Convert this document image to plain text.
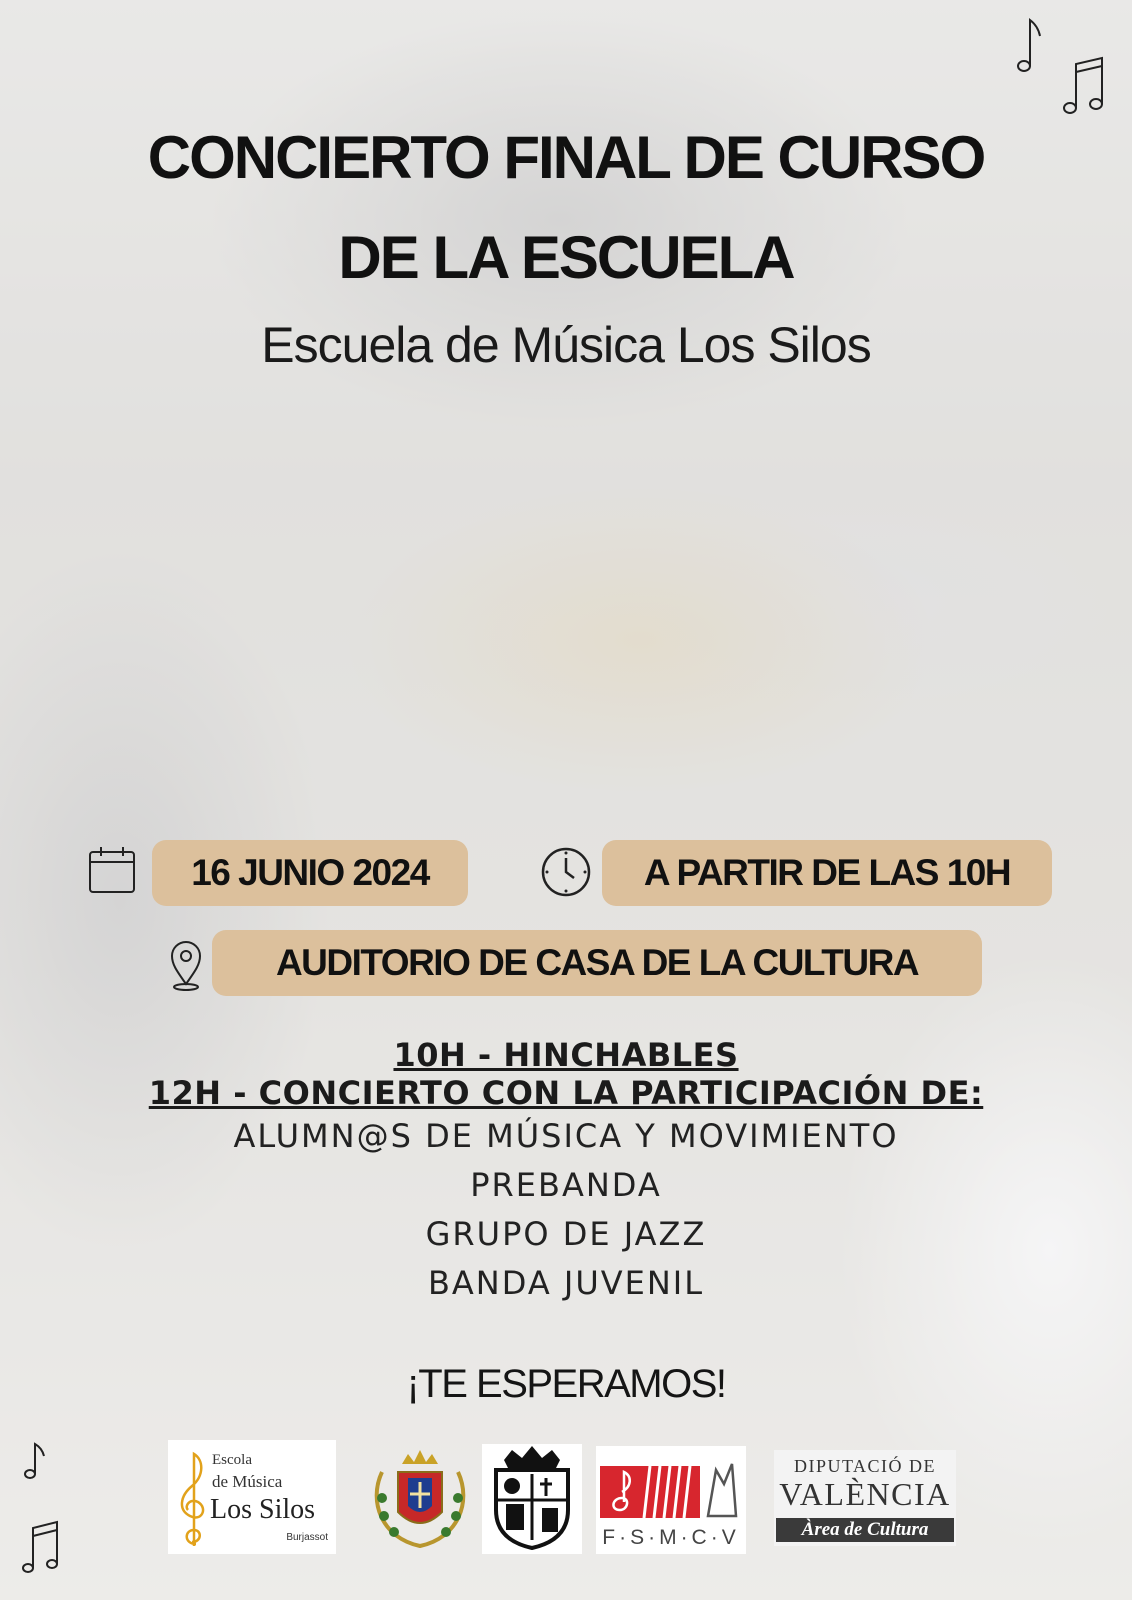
CONCIERTO FINAL DE CURSO
DE LA ESCUELA
Escuela de Música Los Silos
16 JUNIO 2024	A PARTIR DE LAS 10H
AUDITORIO DE CASA DE LA CULTURA
10H - HINCHABLES
12H - CONCIERTO CON LA PARTICIPACIÓN DE:
ALUMN@S DE MÚSICA Y MOVIMIENTO
PREBANDA
GRUPO DE JAZZ
BANDA JUVENIL
¡TE ESPERAMOS!
Escola
de Música
Los Silos
Burjassot	F·S·M·C·V
DIPUTACIÓ DE
VALÈNCIA
Àrea de Cultura
